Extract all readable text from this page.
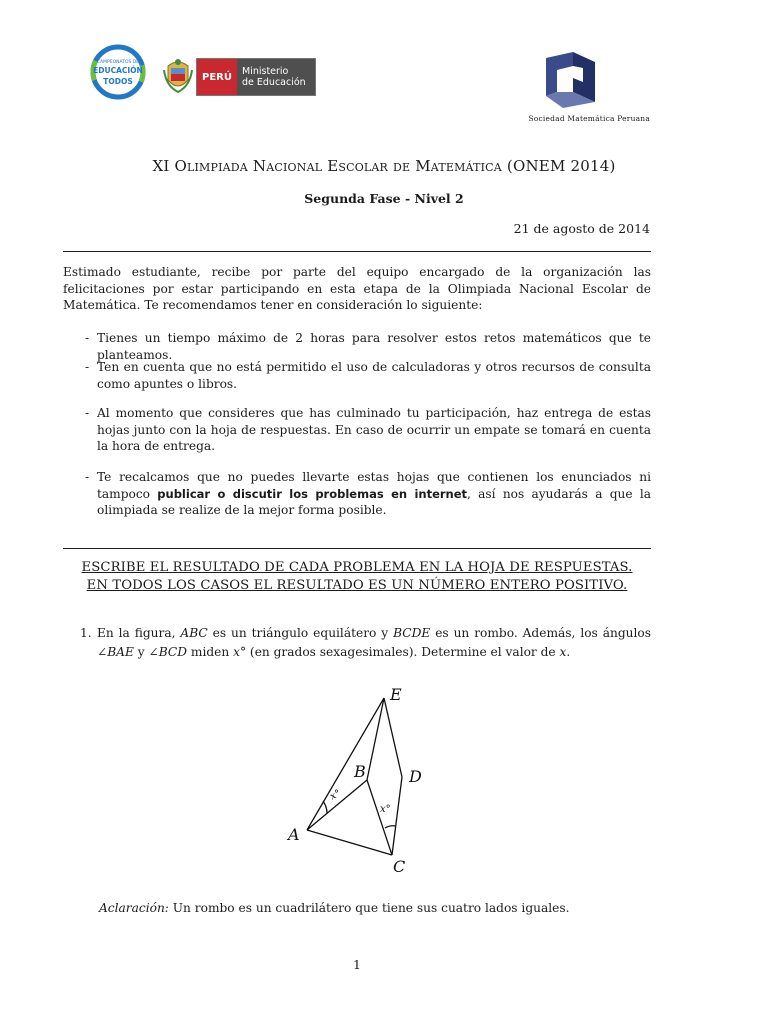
CAMPEONATOS DE
EDUCACIÓN
TODOS	PERÚ	Ministerio
de Educación
Sociedad Matemática Peruana
XI Olimpiada Nacional Escolar de Matemática (ONEM 2014)
Segunda Fase - Nivel 2
21 de agosto de 2014
Estimado estudiante, recibe por parte del equipo encargado de la organización las felicitaciones por estar participando en esta etapa de la Olimpiada Nacional Escolar de Matemática. Te recomendamos tener en consideración lo siguiente:
- Tienes un tiempo máximo de 2 horas para resolver estos retos matemáticos que te planteamos.
- Ten en cuenta que no está permitido el uso de calculadoras y otros recursos de consulta como apuntes o libros.
- Al momento que consideres que has culminado tu participación, haz entrega de estas hojas junto con la hoja de respuestas. En caso de ocurrir un empate se tomará en cuenta la hora de entrega.
- Te recalcamos que no puedes llevarte estas hojas que contienen los enunciados ni tampoco publicar o discutir los problemas en internet, así nos ayudarás a que la olimpiada se realize de la mejor forma posible.
ESCRIBE EL RESULTADO DE CADA PROBLEMA EN LA HOJA DE RESPUESTAS.
EN TODOS LOS CASOS EL RESULTADO ES UN NÚMERO ENTERO POSITIVO.
1. En la figura, ABC es un triángulo equilátero y BCDE es un rombo. Además, los ángulos ∠BAE y ∠BCD miden x° (en grados sexagesimales). Determine el valor de x.
E
B	D
A
C
x°
x°
Aclaración: Un rombo es un cuadrilátero que tiene sus cuatro lados iguales.
1
